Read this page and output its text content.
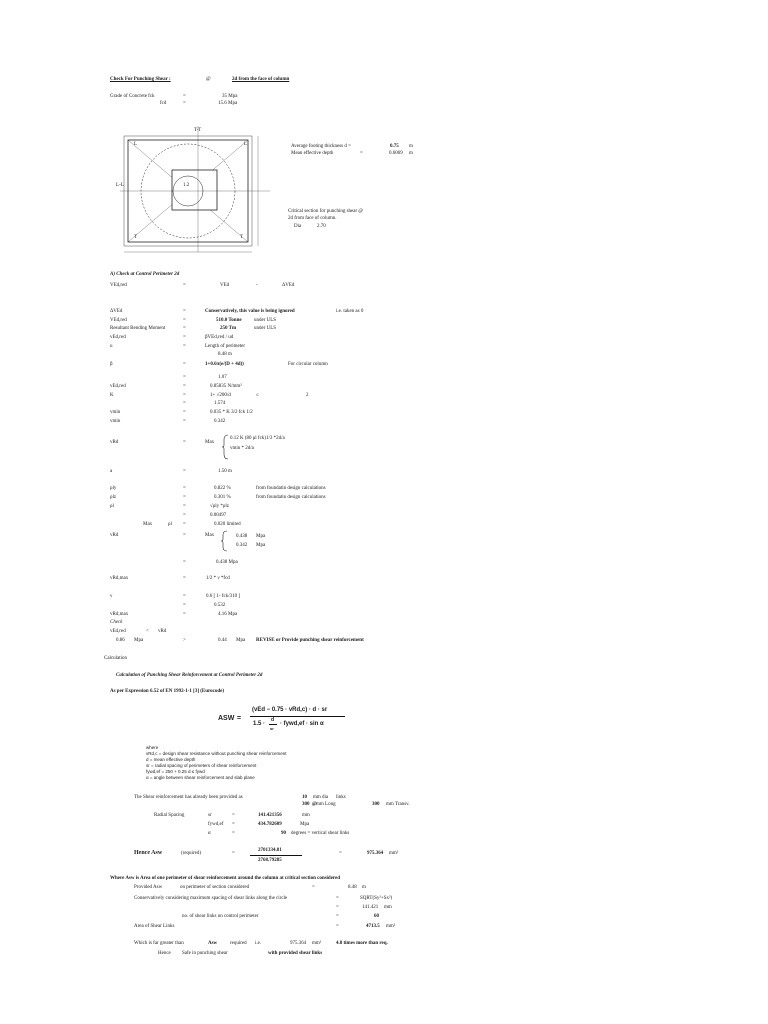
Check For Punching Shear :	@	2d from the face of column
Grade of Concrete fck	=	35 Mpa
fcd	=	15.6 Mpa
T-T
L-L	1.2
L	L
T	T
Average footing thickness d =	0.75 m
Mean effective depth	=	0.6069 m
Critical section for punching shear @
2d from face of column.
Dia	2.70
A) Check at Control Perimeter 2d
VEd,red	=	VEd	-	ΔVEd
ΔVEd	=	Conservatively, this value is being ignored	i.e. taken as 0
VEd,red	=	510.0 Tonne under ULS
Resultant Bending Moment	=	250 Tm	under ULS
vEd,red	=	βVEd,red / ud
u	=	Length of perimeter
8.48 m
β	=	1+0.6π(e/(D + 4d))	For circular column
=	1.07
vEd,red	=	0.85835 N/mm²
K	=	1+ √200/d	≤	2
=	1.574
vmin	=	0.035 * K 3/2 fck 1/2
vmin	=	0.342
vRd	=	Max
0.12 K (80 ρl fck)1/3 *2d/a
vmin * 2d/a
a	=	1.50 m
ρly	=	0.822 %	from foundatin design calculations
ρlz	=	0.301 %	from foundatin design calculations
ρl	=	√ρly *ρlz
=	0.00497
Max	ρl =	0.020 limited
vRd	=	Max	0.438 Mpa
0.342 Mpa
=	0.438 Mpa
vRd,max	=	1/2 * ν *fcd
ν	=	0.6 [ 1- fck/310 ]
=	0.532
vRd,max	=	4.16 Mpa
Check
vEd,red	< vRd
0.86 Mpa	>	0.44 Mpa REVISE or Provide punching shear reinforcement
Calculation
Calculation of Punching Shear Reinforcement at Control Perimeter 2d
As per Expression 6.52 of EN 1992-1-1 [3] (Eurocode)
ASW =
(vEd − 0.75 · vRd,c) · d · sr
1.5 ·
d
sr
· fywd,ef · sin α
where
vRd,c = design shear resistance without punching shear reinforcement
d = mean effective depth
sr = radial spacing of perimeters of shear reinforcement
fywd,ef = 250 + 0.25 d ≤ fywd
α = angle between shear reinforcement and slab plane
The Shear reinforcement has already been provided as	10 mm dia links
@
300 mm Long	300 mm Transv.
Radial Spacing	sr	=	141.421356	mm
fywd,ef =	434.782609	Mpa
α	=	90 degrees = vertical shear links
Hence Asw	(required)	=
2701334.81
2768.79285
=	975.364 mm²
Where Asw is Area of one perimeter of shear reinforcement around the column at critical section considered
Provided Asw	on perimeter of section considered	=	8.48 m
Conservatively considering maximum spacing of shear links along the circle	=	SQRT(Sy²+Sx²)
=	141.421 mm
no. of shear links on control perimeter	=	60
Area of Shear Links	=	4713.5 mm²
Which is far greater than	Asw	required i.e.	975.364 mm²	4.8 times more than req.
Hence Safe in punching shear	with provided shear links
